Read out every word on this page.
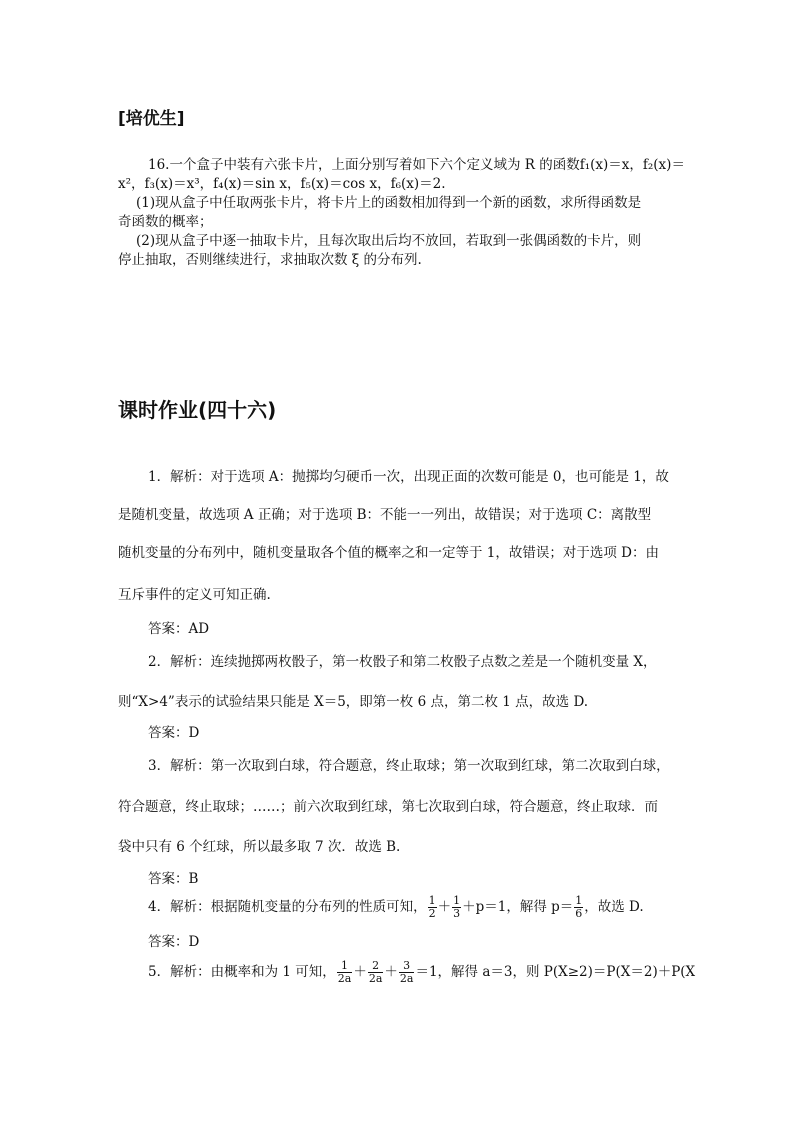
[培优生]
16.一个盒子中装有六张卡片，上面分别写着如下六个定义域为 R 的函数f₁(x)＝x，f₂(x)＝
x²，f₃(x)＝x³，f₄(x)＝sin x，f₅(x)＝cos x，f₆(x)＝2.
(1)现从盒子中任取两张卡片，将卡片上的函数相加得到一个新的函数，求所得函数是
奇函数的概率；
(2)现从盒子中逐一抽取卡片，且每次取出后均不放回，若取到一张偶函数的卡片，则
停止抽取，否则继续进行，求抽取次数 ξ 的分布列.
课时作业(四十六)
1．解析：对于选项 A：抛掷均匀硬币一次，出现正面的次数可能是 0，也可能是 1，故
是随机变量，故选项 A 正确；对于选项 B：不能一一列出，故错误；对于选项 C：离散型
随机变量的分布列中，随机变量取各个值的概率之和一定等于 1，故错误；对于选项 D：由
互斥事件的定义可知正确.
答案：AD
2．解析：连续抛掷两枚骰子，第一枚骰子和第二枚骰子点数之差是一个随机变量 X，
则“X>4”表示的试验结果只能是 X＝5，即第一枚 6 点，第二枚 1 点，故选 D.
答案：D
3．解析：第一次取到白球，符合题意，终止取球；第一次取到红球，第二次取到白球，
符合题意，终止取球；……；前六次取到红球，第七次取到白球，符合题意，终止取球．而
袋中只有 6 个红球，所以最多取 7 次．故选 B.
答案：B
4．解析：根据随机变量的分布列的性质可知， $\frac{1}{2} + \frac{1}{3} +p=1$，解得 $p= \frac{1}{6}$ ，故选 D.
答案：D
5．解析：由概率和为 1 可知， $\frac{1}{2a} + \frac{2}{2a} + \frac{3}{2a} =1$，解得 a＝3，则 P(X≥2)＝P(X＝2)＋P(X
